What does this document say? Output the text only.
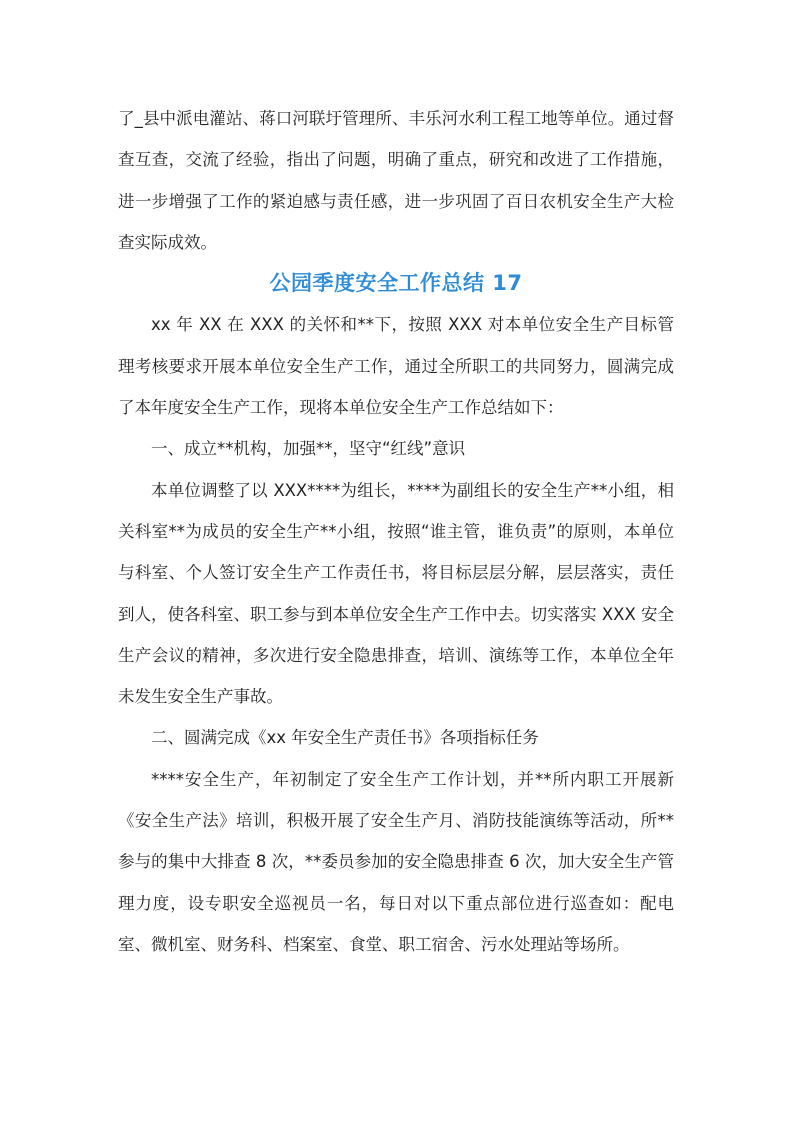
了_县中派电灌站、蒋口河联圩管理所、丰乐河水利工程工地等单位。通过督查互查，交流了经验，指出了问题，明确了重点，研究和改进了工作措施，进一步增强了工作的紧迫感与责任感，进一步巩固了百日农机安全生产大检查实际成效。

公园季度安全工作总结 17

xx 年 XX 在 XXX 的关怀和**下，按照 XXX 对本单位安全生产目标管理考核要求开展本单位安全生产工作，通过全所职工的共同努力，圆满完成了本年度安全生产工作，现将本单位安全生产工作总结如下：

一、成立**机构，加强**，坚守“红线”意识

本单位调整了以 XXX****为组长，****为副组长的安全生产**小组，相关科室**为成员的安全生产**小组，按照“谁主管，谁负责”的原则，本单位与科室、个人签订安全生产工作责任书，将目标层层分解，层层落实，责任到人，使各科室、职工参与到本单位安全生产工作中去。切实落实 XXX 安全生产会议的精神，多次进行安全隐患排查，培训、演练等工作，本单位全年未发生安全生产事故。

二、圆满完成《xx 年安全生产责任书》各项指标任务

****安全生产，年初制定了安全生产工作计划，并**所内职工开展新《安全生产法》培训，积极开展了安全生产月、消防技能演练等活动，所**参与的集中大排查 8 次，**委员参加的安全隐患排查 6 次，加大安全生产管理力度，设专职安全巡视员一名，每日对以下重点部位进行巡查如：配电室、微机室、财务科、档案室、食堂、职工宿舍、污水处理站等场所。
